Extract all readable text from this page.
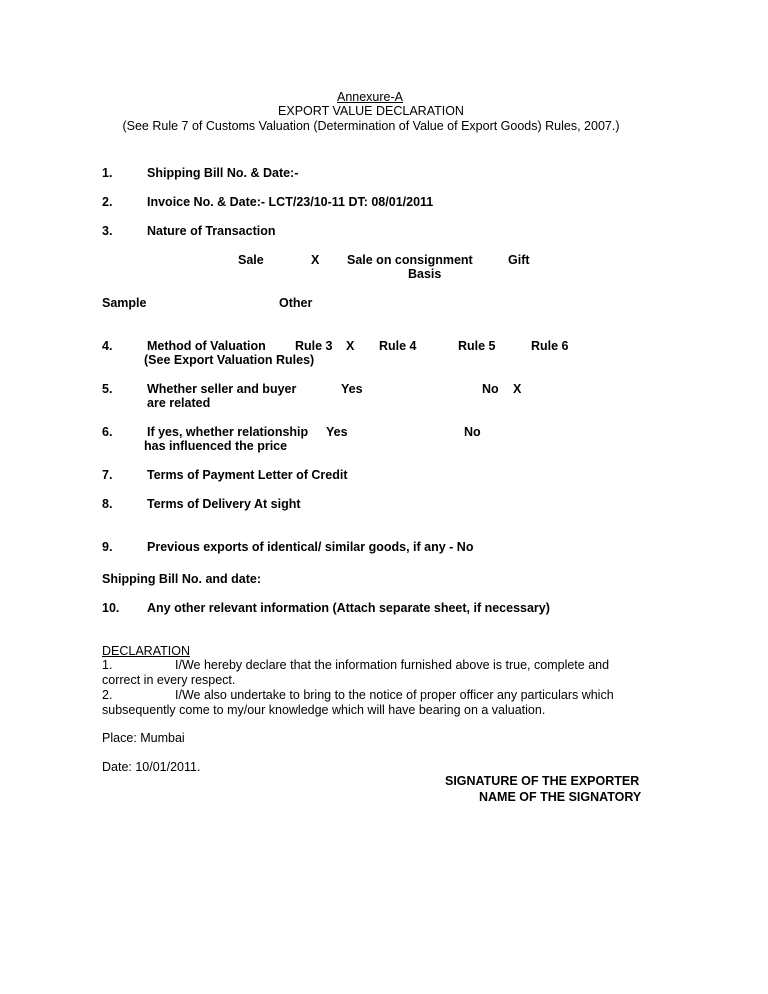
Annexure-A
EXPORT VALUE DECLARATION
(See Rule 7 of Customs Valuation (Determination of Value of Export Goods) Rules, 2007.)
1.	Shipping Bill No. & Date:-
2.	Invoice No. & Date:- LCT/23/10-11 DT: 08/01/2011
3.	Nature of Transaction
Sale	X Sale on consignment
Basis
Gift
Sample	Other
4.	Method of Valuation
(See Export Valuation Rules)
Rule 3 X Rule 4	Rule 5	Rule 6
5.	Whether seller and buyer
are related
Yes	No X
6.	If yes, whether relationship
has influenced the price
Yes	No
7.	Terms of Payment Letter of Credit
8.	Terms of Delivery At sight
9.	Previous exports of identical/ similar goods, if any - No
Shipping Bill No. and date:
10. Any other relevant information (Attach separate sheet, if necessary)
DECLARATION
1.	I/We hereby declare that the information furnished above is true, complete and
correct in every respect.
2.	I/We also undertake to bring to the notice of proper officer any particulars which
subsequently come to my/our knowledge which will have bearing on a valuation.
Place: Mumbai
Date: 10/01/2011.
SIGNATURE OF THE EXPORTER
NAME OF THE SIGNATORY
